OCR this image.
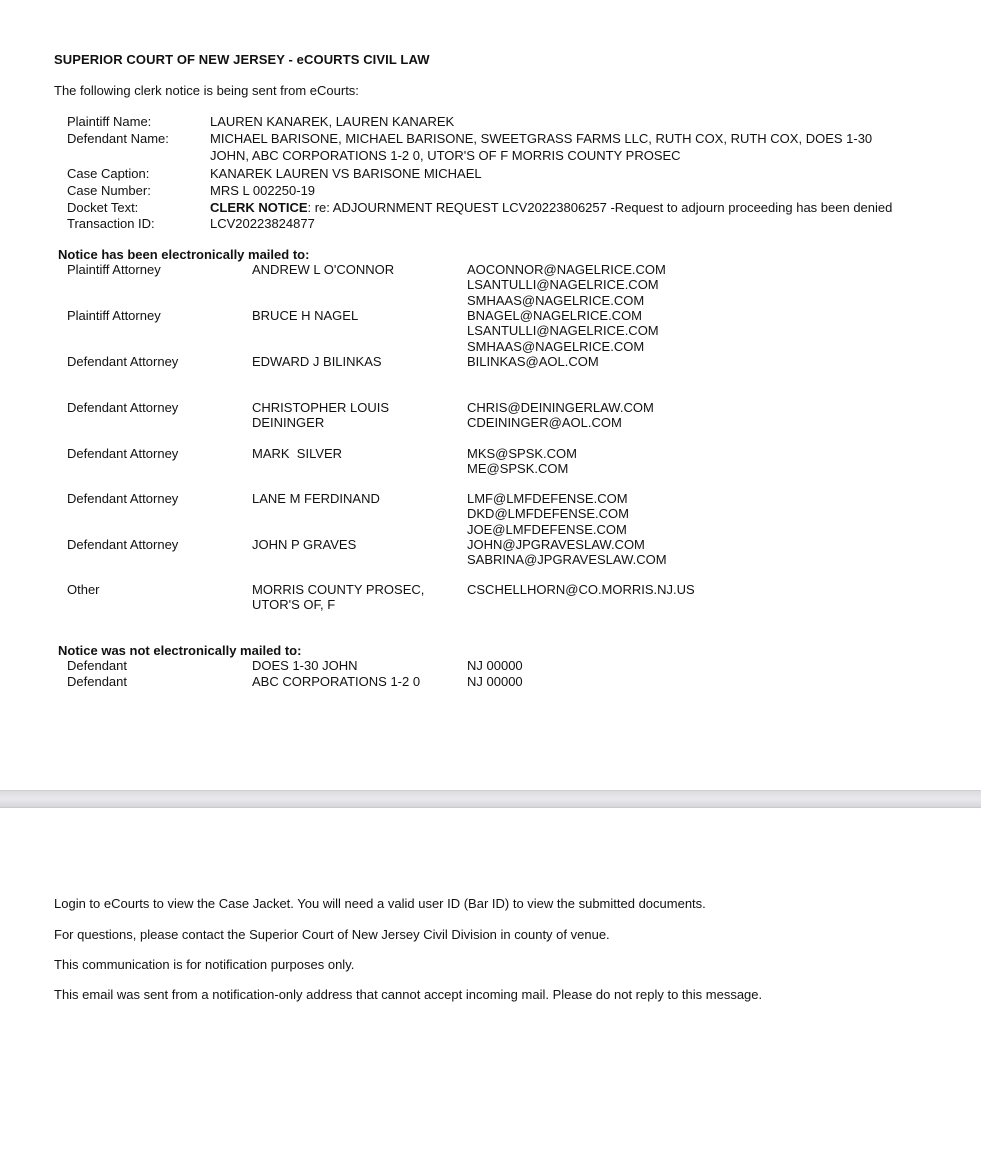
SUPERIOR COURT OF NEW JERSEY - eCOURTS CIVIL LAW
The following clerk notice is being sent from eCourts:
Plaintiff Name:	LAUREN KANAREK, LAUREN KANAREK
Defendant Name:	MICHAEL BARISONE, MICHAEL BARISONE, SWEETGRASS FARMS LLC, RUTH COX, RUTH COX, DOES 1-30
JOHN, ABC CORPORATIONS 1-2 0, UTOR'S OF F MORRIS COUNTY PROSEC
Case Caption:	KANAREK LAUREN VS BARISONE MICHAEL
Case Number:	MRS L 002250-19
Docket Text:	CLERK NOTICE: re: ADJOURNMENT REQUEST LCV20223806257 -Request to adjourn proceeding has been denied
Transaction ID:	LCV20223824877
Notice has been electronically mailed to:
Plaintiff Attorney	ANDREW L O'CONNOR	AOCONNOR@NAGELRICE.COM
LSANTULLI@NAGELRICE.COM
SMHAAS@NAGELRICE.COM
Plaintiff Attorney	BRUCE H NAGEL	BNAGEL@NAGELRICE.COM
LSANTULLI@NAGELRICE.COM
SMHAAS@NAGELRICE.COM
Defendant Attorney	EDWARD J BILINKAS	BILINKAS@AOL.COM
Defendant Attorney	CHRISTOPHER LOUIS
DEININGER
CHRIS@DEININGERLAW.COM
CDEININGER@AOL.COM
Defendant Attorney	MARK  SILVER	MKS@SPSK.COM
ME@SPSK.COM
Defendant Attorney	LANE M FERDINAND	LMF@LMFDEFENSE.COM
DKD@LMFDEFENSE.COM
JOE@LMFDEFENSE.COM
Defendant Attorney	JOHN P GRAVES	JOHN@JPGRAVESLAW.COM
SABRINA@JPGRAVESLAW.COM
Other	MORRIS COUNTY PROSEC,
UTOR'S OF, F
CSCHELLHORN@CO.MORRIS.NJ.US
Notice was not electronically mailed to:
Defendant	DOES 1-30 JOHN	NJ 00000
Defendant	ABC CORPORATIONS 1-2 0	NJ 00000
Login to eCourts to view the Case Jacket. You will need a valid user ID (Bar ID) to view the submitted documents.
For questions, please contact the Superior Court of New Jersey Civil Division in county of venue.
This communication is for notification purposes only.
This email was sent from a notification-only address that cannot accept incoming mail. Please do not reply to this message.
